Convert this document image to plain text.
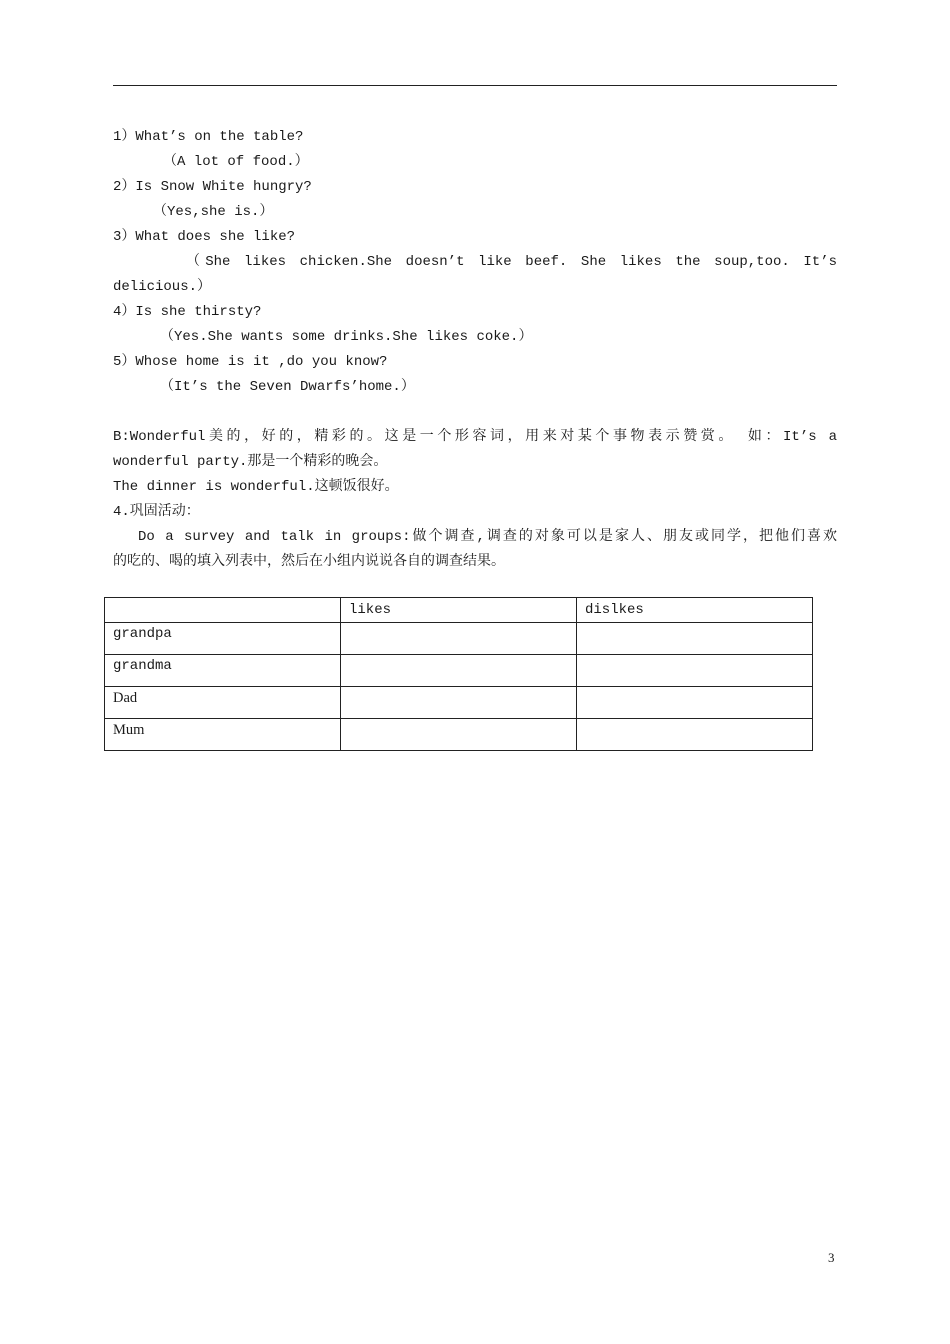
1）What’s on the table?
（A lot of food.）
2）Is Snow White hungry?
（Yes,she is.）
3）What does she like?
（She likes chicken.She doesn’t like beef. She likes the soup,too. It’s
delicious.）
4）Is she thirsty?
（Yes.She wants some drinks.She likes coke.）
5）Whose home is it ,do you know?
（It’s the Seven Dwarfs’home.）
B:Wonderful美的，好的，精彩的。这是一个形容词，用来对某个事物表示赞赏。 如：It’s a
wonderful party.那是一个精彩的晚会。
The dinner is wonderful.这顿饭很好。
4.巩固活动：
Do a survey and talk in groups:做个调查,调查的对象可以是家人、朋友或同学，把他们喜欢
的吃的、喝的填入列表中，然后在小组内说说各自的调查结果。
	likes	dislkes
grandpa		
grandma		
Dad		
Mum		
3
